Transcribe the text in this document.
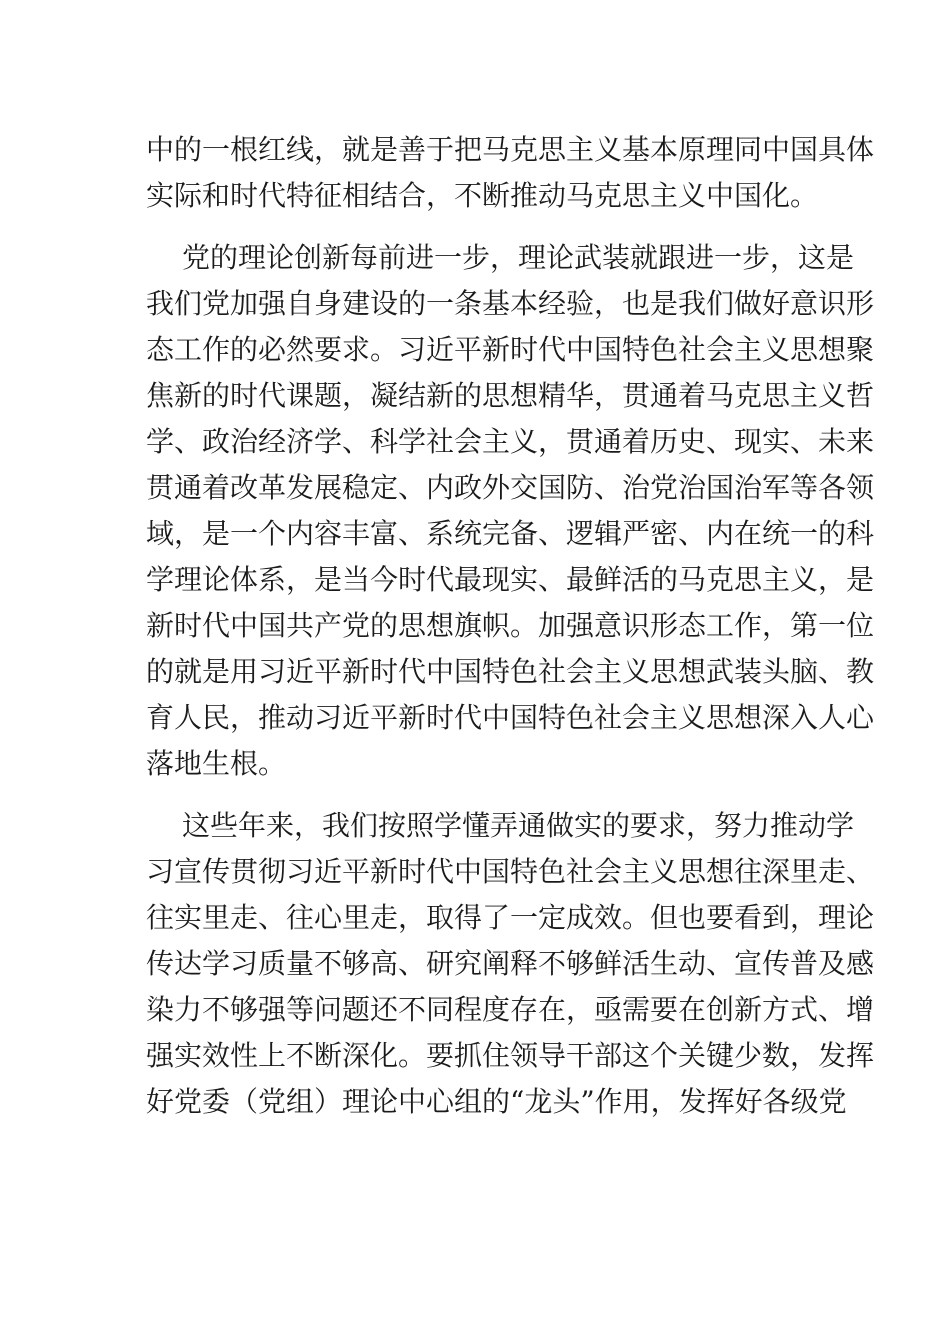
中的一根红线，就是善于把马克思主义基本原理同中国具体
实际和时代特征相结合，不断推动马克思主义中国化。
党的理论创新每前进一步，理论武装就跟进一步，这是
我们党加强自身建设的一条基本经验，也是我们做好意识形
态工作的必然要求。习近平新时代中国特色社会主义思想聚
焦新的时代课题，凝结新的思想精华，贯通着马克思主义哲
学、政治经济学、科学社会主义，贯通着历史、现实、未来
贯通着改革发展稳定、内政外交国防、治党治国治军等各领
域，是一个内容丰富、系统完备、逻辑严密、内在统一的科
学理论体系，是当今时代最现实、最鲜活的马克思主义，是
新时代中国共产党的思想旗帜。加强意识形态工作，第一位
的就是用习近平新时代中国特色社会主义思想武装头脑、教
育人民，推动习近平新时代中国特色社会主义思想深入人心
落地生根。
这些年来，我们按照学懂弄通做实的要求，努力推动学
习宣传贯彻习近平新时代中国特色社会主义思想往深里走、
往实里走、往心里走，取得了一定成效。但也要看到，理论
传达学习质量不够高、研究阐释不够鲜活生动、宣传普及感
染力不够强等问题还不同程度存在，亟需要在创新方式、增
强实效性上不断深化。要抓住领导干部这个关键少数，发挥
好党委（党组）理论中心组的“龙头”作用，发挥好各级党
